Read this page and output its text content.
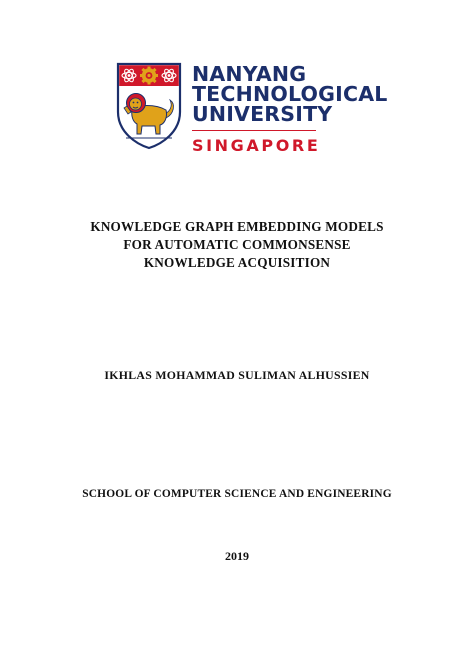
NANYANG
TECHNOLOGICAL
UNIVERSITY
SINGAPORE
KNOWLEDGE GRAPH EMBEDDING MODELS
FOR AUTOMATIC COMMONSENSE
KNOWLEDGE ACQUISITION
IKHLAS MOHAMMAD SULIMAN ALHUSSIEN
SCHOOL OF COMPUTER SCIENCE AND ENGINEERING
2019
